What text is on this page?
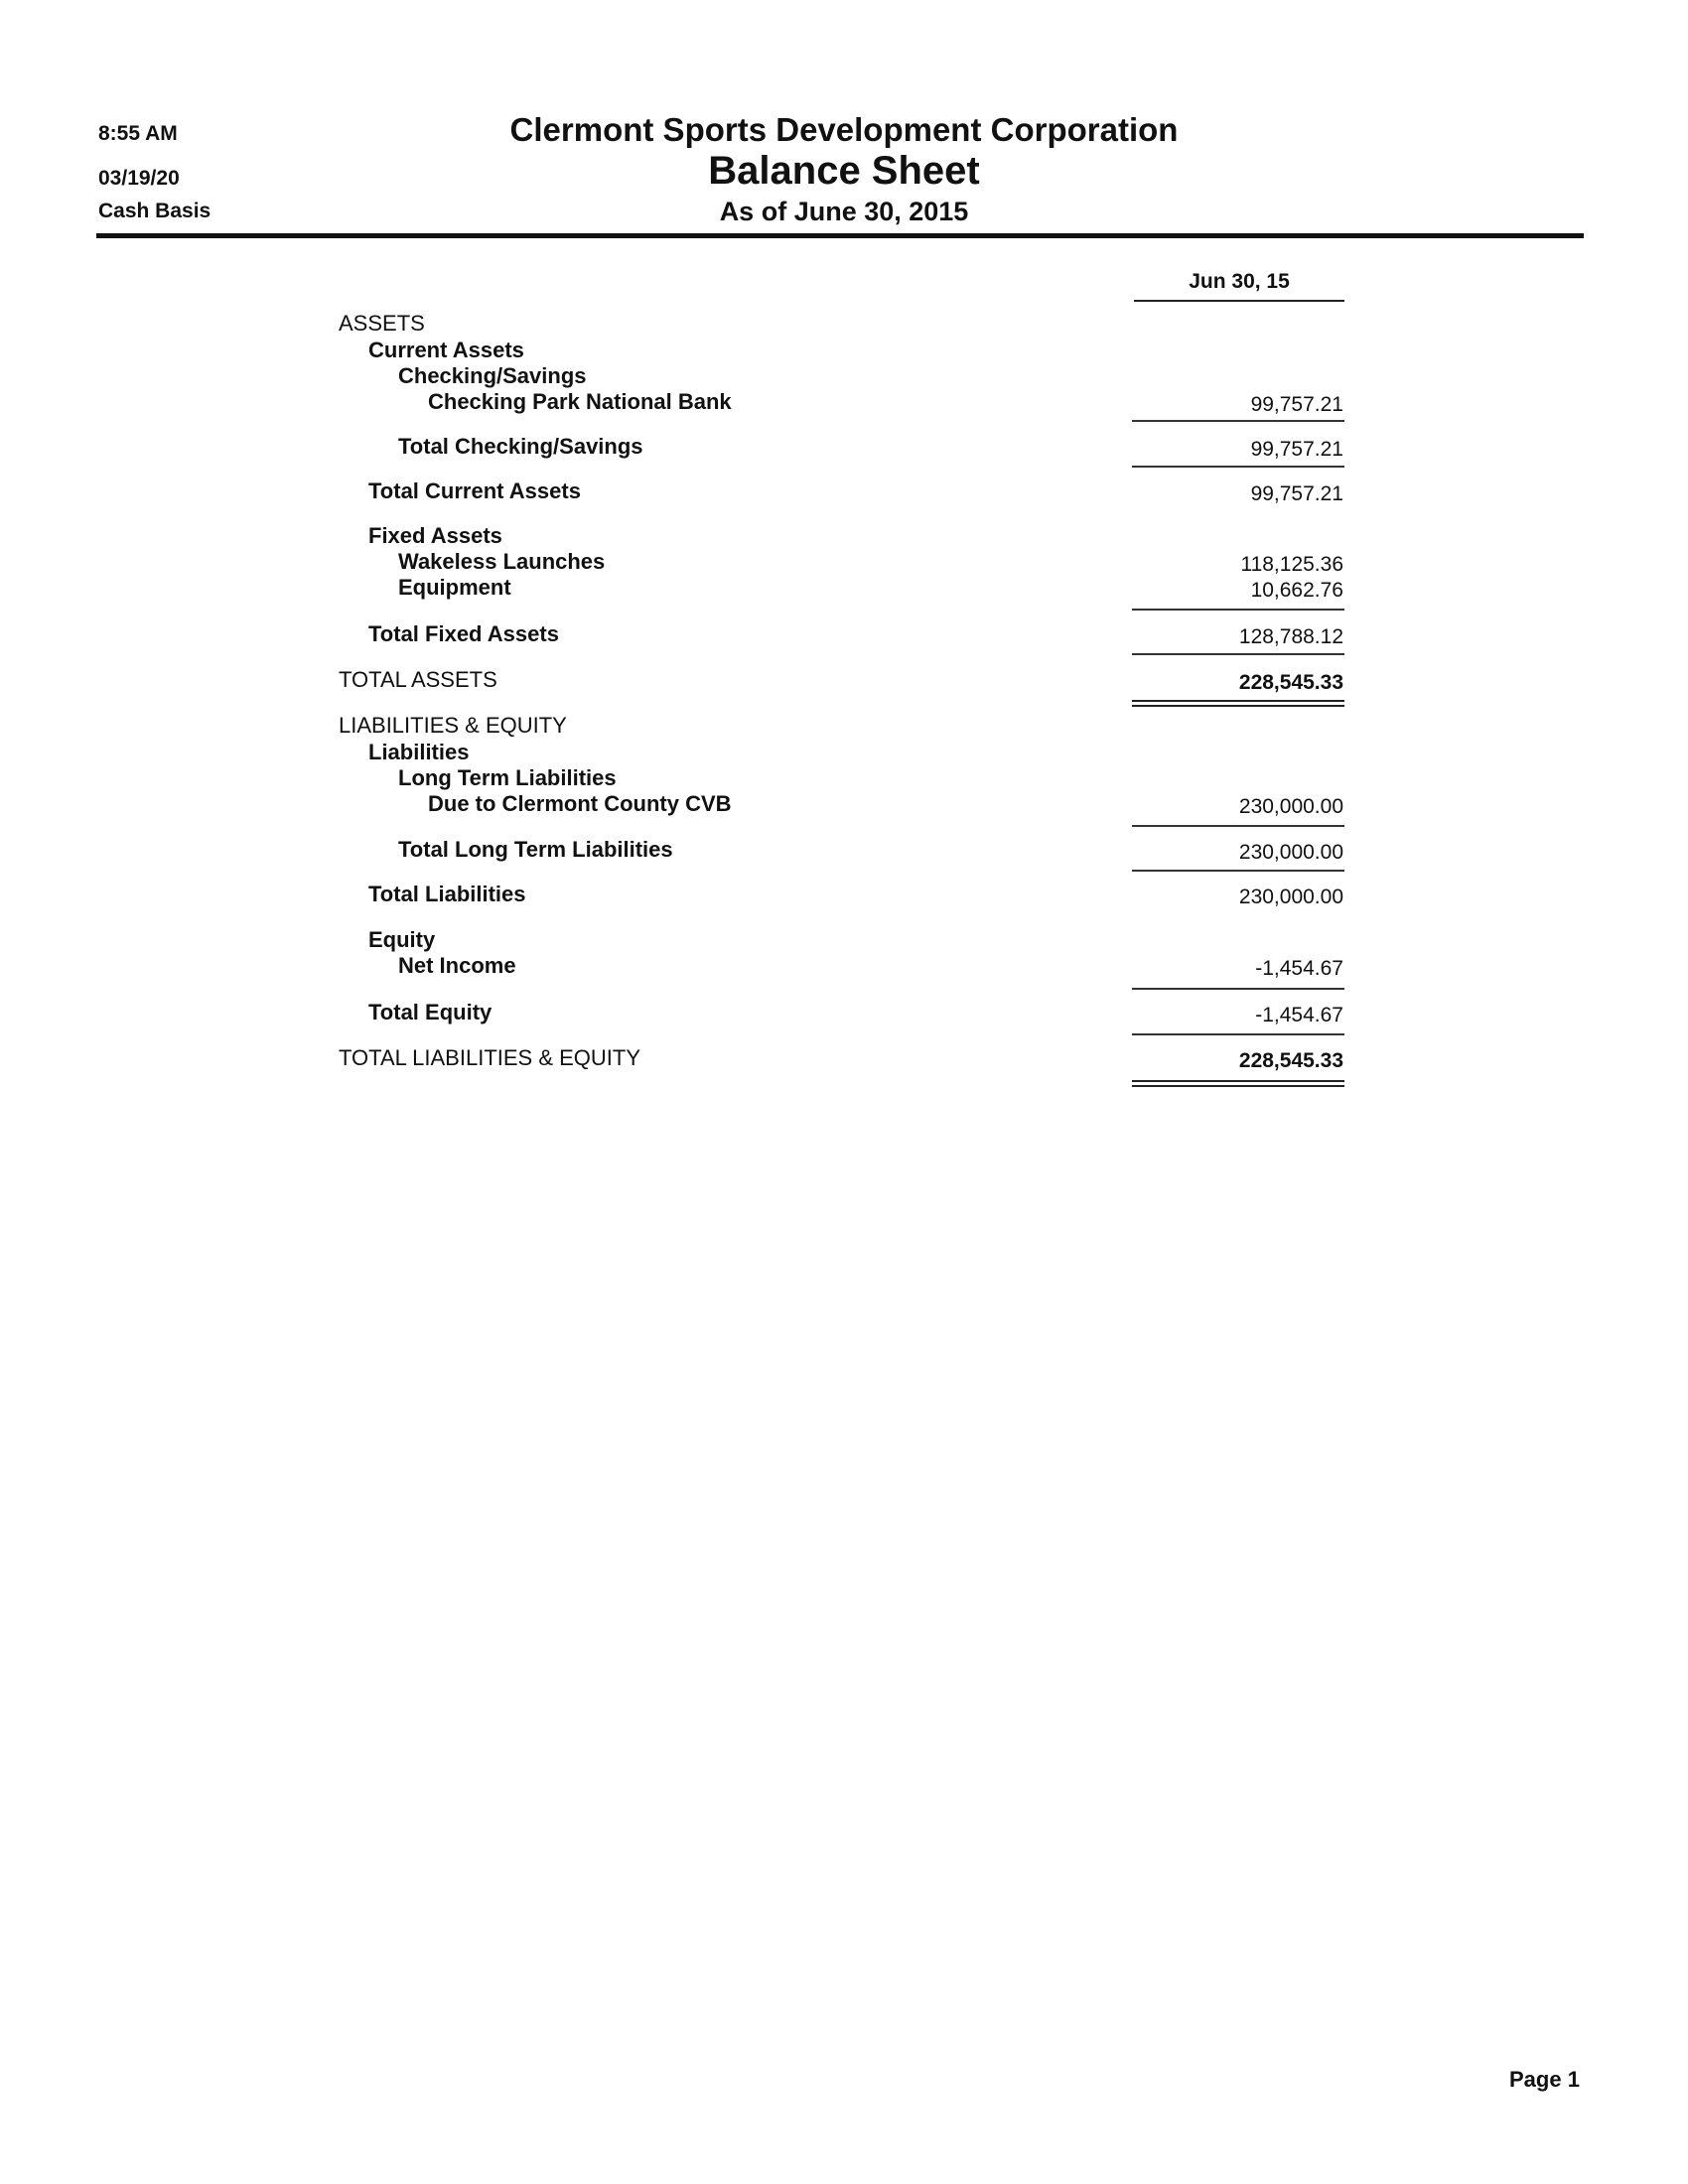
8:55 AM
03/19/20
Cash Basis
Clermont Sports Development Corporation
Balance Sheet
As of June 30, 2015
Jun 30, 15
ASSETS
Current Assets
Checking/Savings
Checking Park National Bank	99,757.21
Total Checking/Savings	99,757.21
Total Current Assets	99,757.21
Fixed Assets
Wakeless Launches	118,125.36
Equipment	10,662.76
Total Fixed Assets	128,788.12
TOTAL ASSETS	228,545.33
LIABILITIES & EQUITY
Liabilities
Long Term Liabilities
Due to Clermont County CVB	230,000.00
Total Long Term Liabilities	230,000.00
Total Liabilities	230,000.00
Equity
Net Income	-1,454.67
Total Equity	-1,454.67
TOTAL LIABILITIES & EQUITY	228,545.33
Page 1
